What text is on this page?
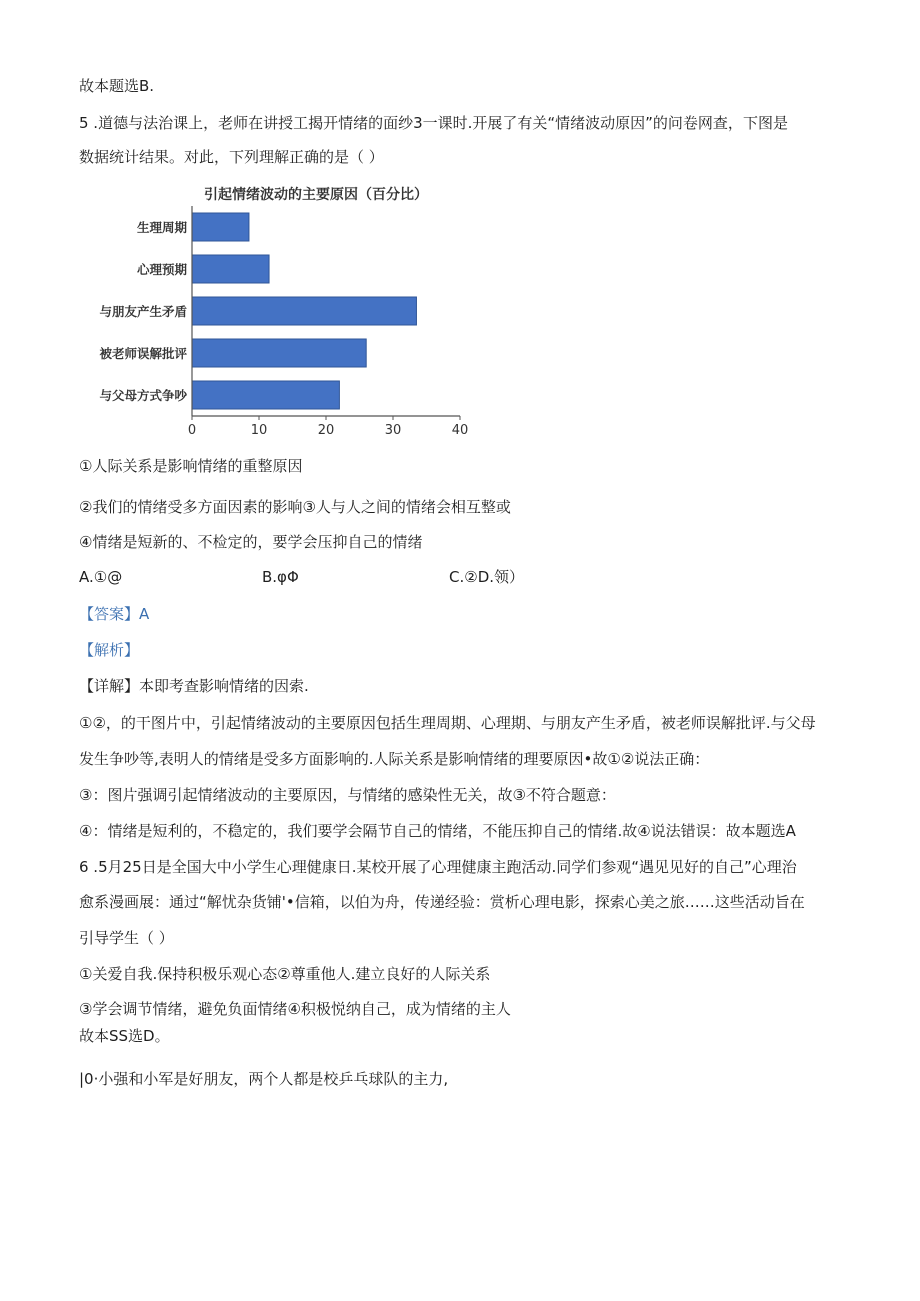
故本题选B.
5 .道德与法治课上，老师在讲授工揭开情绪的面纱3一课时.开展了有关“情绪波动原因”的问卷网查，下图是
数据统计结果。对此，下列理解正确的是（ ）
引起情绪波动的主要原因（百分比）
生理周期
心理预期
与朋友产生矛盾
被老师误解批评
与父母方式争吵
0	10	20	30	40
①人际关系是影响情绪的重整原因
②我们的情绪受多方面因素的影响③人与人之间的情绪会相互整或
④情绪是短新的、不检定的，要学会压抑自己的情绪
A.①@	B.φΦ	C.②D.领）
【答案】A
【解析】
【详解】本即考查影响情绪的因索.
①②，的干图片中，引起情绪波动的主要原因包括生理周期、心理期、与朋友产生矛盾，被老师误解批评.与父母
发生争吵等,表明人的情绪是受多方面影响的.人际关系是影响情绪的理要原因•故①②说法正确：
③：图片强调引起情绪波动的主要原因，与情绪的感染性无关，故③不符合题意：
④：情绪是短利的，不稳定的，我们要学会隔节自己的情绪，不能压抑自己的情绪.故④说法错误：故本题选A
6 .5月25日是全国大中小学生心理健康日.某校开展了心理健康主跑活动.同学们参观“遇见见好的自己”心理治
愈系漫画展：通过“解忧杂货铺'•信箱，以伯为舟，传递经验：赏析心理电影，探索心美之旅……这些活动旨在
引导学生（ ）
①关爱自我.保持积极乐观心态②尊重他人.建立良好的人际关系
③学会调节情绪，避免负面情绪④积极悦纳自己，成为情绪的主人
故本SS选D。
|0·小强和小军是好朋友，两个人都是校乒乓球队的主力,
